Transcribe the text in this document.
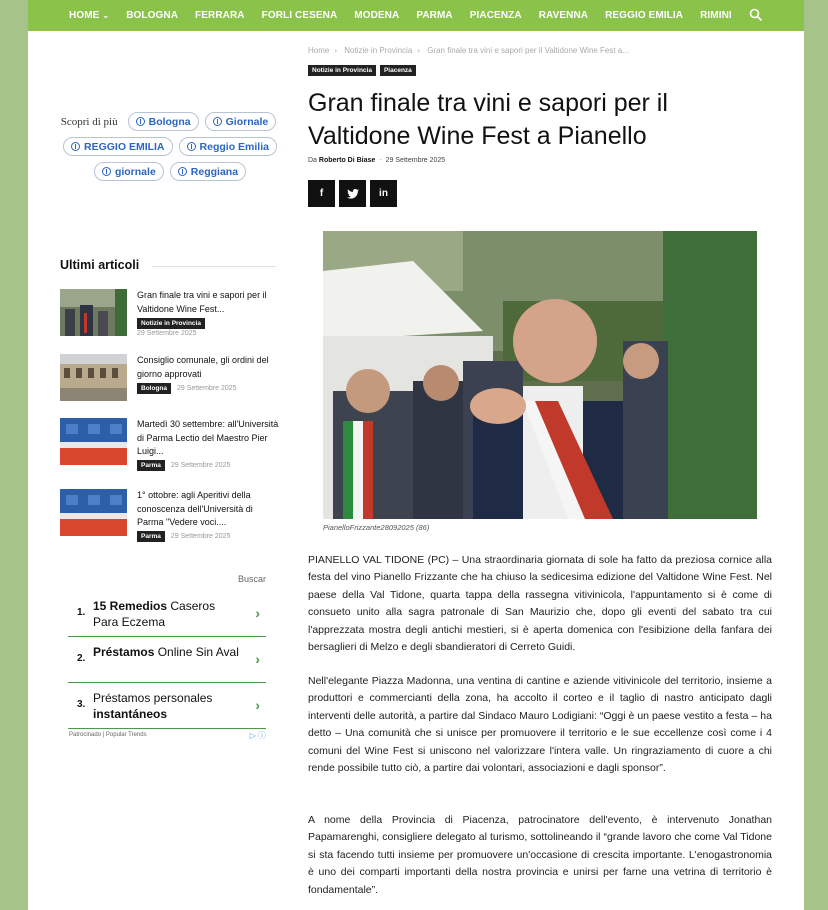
HOME ⌄ BOLOGNA FERRARA FORLI CESENA MODENA PARMA PIACENZA RAVENNA REGGIO EMILIA RIMINI
Scopri di più	Bologna	Giornale
REGGIO EMILIA	Reggio Emilia
giornale	Reggiana
Ultimi articoli
Gran finale tra vini e sapori per il Valtidone Wine Fest...
Notizie in Provincia
29 Settembre 2025
Consiglio comunale, gli ordini del giorno approvati
Bologna	29 Settembre 2025
Martedì 30 settembre: all'Università di Parma Lectio del Maestro Pier Luigi...
Parma	29 Settembre 2025
1° ottobre: agli Aperitivi della conoscenza dell'Università di Parma "Vedere voci....
Parma	29 Settembre 2025
Buscar
1. 15 Remedios Caseros Para Eczema
›
2. Préstamos Online Sin Aval ›
3. Préstamos personales instantáneos
›
Patrocinado | Popular Trends	▷ ⓘ
Home › Notizie in Provincia › Gran finale tra vini e sapori per il Valtidone Wine Fest a...
Notizie in Provincia	Piacenza
Gran finale tra vini e sapori per il Valtidone Wine Fest a Pianello
Da Roberto Di Biase - 29 Settembre 2025
f	in
PianelloFrizzante28092025 (86)

PIANELLO VAL TIDONE (PC) – Una straordinaria giornata di sole ha fatto da preziosa cornice alla festa del vino Pianello Frizzante che ha chiuso la sedicesima edizione del Valtidone Wine Fest. Nel paese della Val Tidone, quarta tappa della rassegna vitivinicola, l'appuntamento si è come di consueto unito alla sagra patronale di San Maurizio che, dopo gli eventi del sabato tra cui l'apprezzata mostra degli antichi mestieri, si è aperta domenica con l'esibizione della fanfara dei bersaglieri di Melzo e degli sbandieratori di Cerreto Guidi.

Nell'elegante Piazza Madonna, una ventina di cantine e aziende vitivinicole del territorio, insieme a produttori e commercianti della zona, ha accolto il corteo e il taglio di nastro anticipato dagli interventi delle autorità, a partire dal Sindaco Mauro Lodigiani: “Oggi è un paese vestito a festa – ha detto – Una comunità che si unisce per promuovere il territorio e le sue eccellenze così come i 4 comuni del Wine Fest si uniscono nel valorizzare l'intera valle. Un ringraziamento di cuore a chi rende possibile tutto ciò, a partire dai volontari, associazioni e dagli sponsor”.

A nome della Provincia di Piacenza, patrocinatore dell'evento, è intervenuto Jonathan Papamarenghi, consigliere delegato al turismo, sottolineando il “grande lavoro che come Val Tidone si sta facendo tutti insieme per promuovere un'occasione di crescita importante. L'enogastronomia è uno dei comparti importanti della nostra provincia e unirsi per farne una vetrina di territorio è fondamentale”.
